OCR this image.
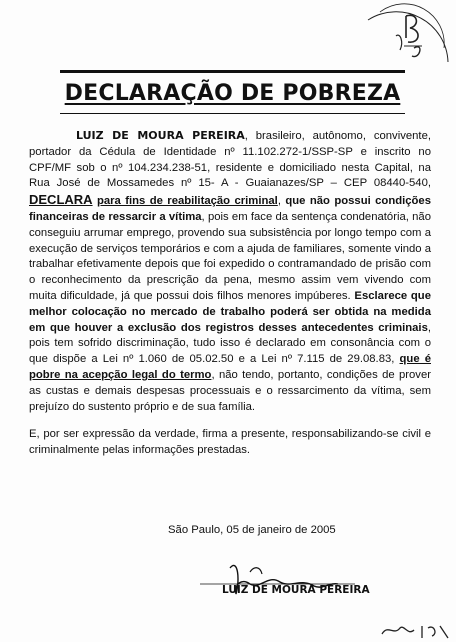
DECLARAÇÃO DE POBREZA

LUIZ DE MOURA PEREIRA, brasileiro, autônomo, convivente, portador da Cédula de Identidade nº 11.102.272-1/SSP-SP e inscrito no CPF/MF sob o nº 104.234.238-51, residente e domiciliado nesta Capital, na Rua José de Mossamedes nº 15- A - Guaianazes/SP – CEP 08440-540, DECLARA para fins de reabilitação criminal, que não possui condições financeiras de ressarcir a vítima, pois em face da sentença condenatória, não conseguiu arrumar emprego, provendo sua subsistência por longo tempo com a execução de serviços temporários e com a ajuda de familiares, somente vindo a trabalhar efetivamente depois que foi expedido o contramandado de prisão com o reconhecimento da prescrição da pena, mesmo assim vem vivendo com muita dificuldade, já que possui dois filhos menores impúberes. Esclarece que melhor colocação no mercado de trabalho poderá ser obtida na medida em que houver a exclusão dos registros desses antecedentes criminais, pois tem sofrido discriminação, tudo isso é declarado em consonância com o que dispõe a Lei nº 1.060 de 05.02.50 e a Lei nº 7.115 de 29.08.83, que é pobre na acepção legal do termo, não tendo, portanto, condições de prover as custas e demais despesas processuais e o ressarcimento da vítima, sem prejuízo do sustento próprio e de sua família.

E, por ser expressão da verdade, firma a presente, responsabilizando-se civil e criminalmente pelas informações prestadas.

São Paulo, 05 de janeiro de 2005
LUIZ DE MOURA PEREIRA
